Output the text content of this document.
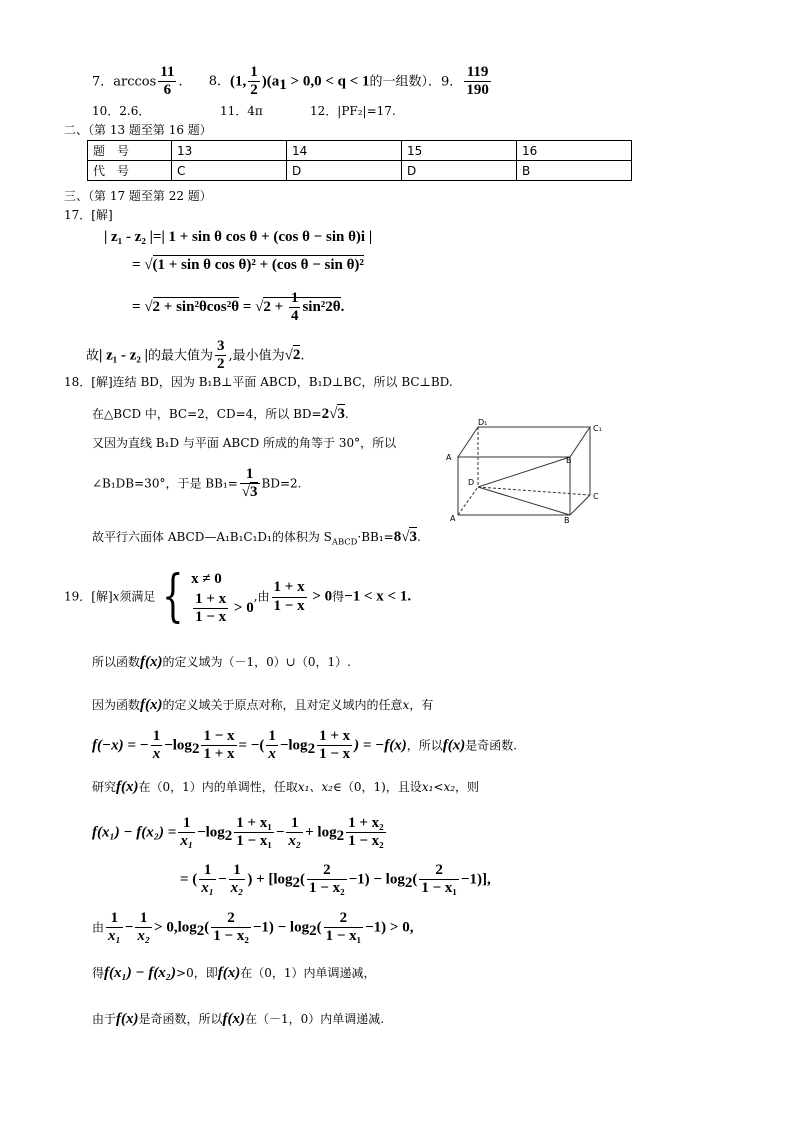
7．$\arccos \frac{11}{6}$ . 8．(1, $\frac{1}{2} )(a_1 > 0,0 < q < 1$的一组数）．9． $\frac{119}{190}$
10．2.6．	11．4π	12．|PF₂|=17.
二、（第 13 题至第 16 题）
题　号	13	14	15	16
代　号	C	D	D	B
三、（第 17 题至第 22 题）
17．[解]
| z₁ - z₂ |=| 1 + sin θ cos θ + (cos θ − sin θ)i |
= √(1 + sin θ cos θ)² + (cos θ − sin θ)²
= $√2 + \sin^2\theta\cos^2\theta = √2 + \frac{1}{4} \sin^22\theta$.
故| z₁ - z₂ |的最大值为 $\frac{3}{2}$ ,最小值为√2.
18．[解]连结 BD，因为 B₁B⊥平面 ABCD，B₁D⊥BC，所以 BC⊥BD.
在△BCD 中，BC=2，CD=4，所以 BD=2√3.
又因为直线 B₁D 与平面 ABCD 所成的角等于 30°，所以
∠B₁DB=30°，于是 $BB_1= \frac{1}{√3} BD=2$.
故平行六面体 ABCD—A₁B₁C₁D₁的体积为 $S_{ABCD}\cdot BB_1=8√3$.
A	B
C₁
D₁
A	B
C
D
19．[解]x须满足 { x ≠ 0
$\frac{1 + x}{1 - x} > 0$
,由 $\frac{1 + x}{1 - x} > 0$得−1 < x < 1.
所以函数f(x)的定义域为（－1，0）∪（0，1）.
因为函数f(x)的定义域关于原点对称，且对定义域内的任意x，有
f(−x) = − $\frac{1}{x} -\log_2 \frac{1 - x}{1 + x}$ = −( $\frac{1}{x} -\log_2 \frac{1 + x}{1 - x}$ ) = −f(x)，所以f(x)是奇函数.
研究f(x)在（0，1）内的单调性，任取x₁、x₂∈（0，1)，且设x₁<x₂，则
$f(x_1) - f(x_2) = \frac{1}{\text{x₁}} -\log_2 \frac{\text{1 + x₁}}{\text{1 − x₁}} - \frac{1}{\text{x₂}} + \log_2 \frac{\text{1 + x₂}}{\text{1 − x₂}}$
= ( $\frac{1}{\text{x₁}} - \frac{1}{\text{x₂}}$ ) + $[\log_2( \frac{2}{\text{1 − x₂}} -1) - \log_2( \frac{2}{\text{1 − x₁}} -1)]$,
由 $\frac{1}{\text{x₁}} - \frac{1}{\text{x₂}} > 0,\log_2( \frac{2}{\text{1 − x₂}} -1) - \log_2( \frac{2}{\text{1 − x₁}} -1) > 0$,
得f(x₁) − f(x₂)>0，即f(x)在（0，1）内单调递减，
由于f(x)是奇函数，所以f(x)在（－1，0）内单调递减.
